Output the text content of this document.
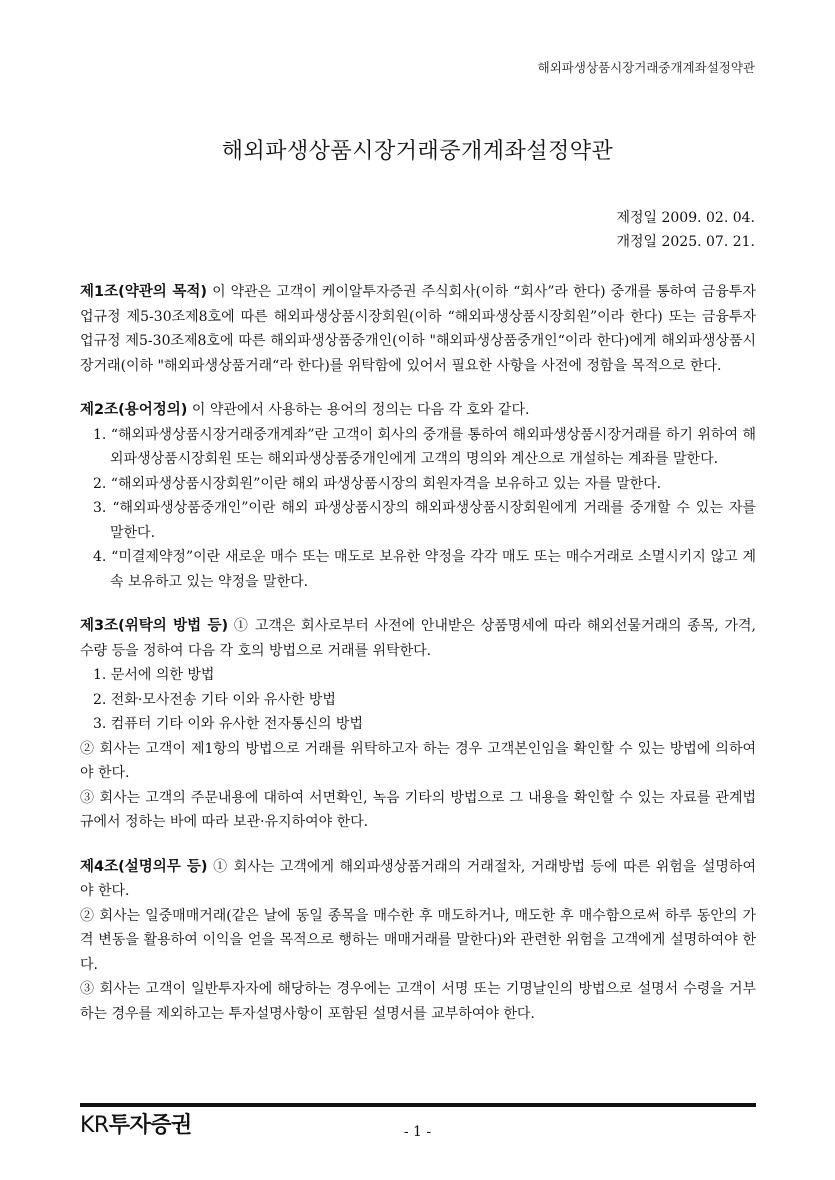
해외파생상품시장거래중개계좌설정약관
해외파생상품시장거래중개계좌설정약관
제정일 2009. 02. 04.
개정일 2025. 07. 21.

제1조(약관의 목적) 이 약관은 고객이 케이알투자증권 주식회사(이하 “회사”라 한다) 중개를 통하여 금융투자업규정 제5-30조제8호에 따른 해외파생상품시장회원(이하 “해외파생상품시장회원”이라 한다) 또는 금융투자업규정 제5-30조제8호에 따른 해외파생상품중개인(이하 "해외파생상품중개인“이라 한다)에게 해외파생상품시장거래(이하 "해외파생상품거래“라 한다)를 위탁함에 있어서 필요한 사항을 사전에 정함을 목적으로 한다.

제2조(용어정의) 이 약관에서 사용하는 용어의 정의는 다음 각 호와 같다.

1. “해외파생상품시장거래중개계좌”란 고객이 회사의 중개를 통하여 해외파생상품시장거래를 하기 위하여 해외파생상품시장회원 또는 해외파생상품중개인에게 고객의 명의와 계산으로 개설하는 계좌를 말한다.

2. “해외파생상품시장회원”이란 해외 파생상품시장의 회원자격을 보유하고 있는 자를 말한다.

3. “해외파생상품중개인”이란 해외 파생상품시장의 해외파생상품시장회원에게 거래를 중개할 수 있는 자를 말한다.

4. “미결제약정”이란 새로운 매수 또는 매도로 보유한 약정을 각각 매도 또는 매수거래로 소멸시키지 않고 계속 보유하고 있는 약정을 말한다.

제3조(위탁의 방법 등) ① 고객은 회사로부터 사전에 안내받은 상품명세에 따라 해외선물거래의 종목, 가격, 수량 등을 정하여 다음 각 호의 방법으로 거래를 위탁한다.

1. 문서에 의한 방법

2. 전화·모사전송 기타 이와 유사한 방법

3. 컴퓨터 기타 이와 유사한 전자통신의 방법

② 회사는 고객이 제1항의 방법으로 거래를 위탁하고자 하는 경우 고객본인임을 확인할 수 있는 방법에 의하여야 한다.

③ 회사는 고객의 주문내용에 대하여 서면확인, 녹음 기타의 방법으로 그 내용을 확인할 수 있는 자료를 관계법규에서 정하는 바에 따라 보관·유지하여야 한다.

제4조(설명의무 등) ① 회사는 고객에게 해외파생상품거래의 거래절차, 거래방법 등에 따른 위험을 설명하여야 한다.

② 회사는 일중매매거래(같은 날에 동일 종목을 매수한 후 매도하거나, 매도한 후 매수함으로써 하루 동안의 가격 변동을 활용하여 이익을 얻을 목적으로 행하는 매매거래를 말한다)와 관련한 위험을 고객에게 설명하여야 한다.

③ 회사는 고객이 일반투자자에 해당하는 경우에는 고객이 서명 또는 기명날인의 방법으로 설명서 수령을 거부하는 경우를 제외하고는 투자설명사항이 포함된 설명서를 교부하여야 한다.

KR투자증권	- 1 -
